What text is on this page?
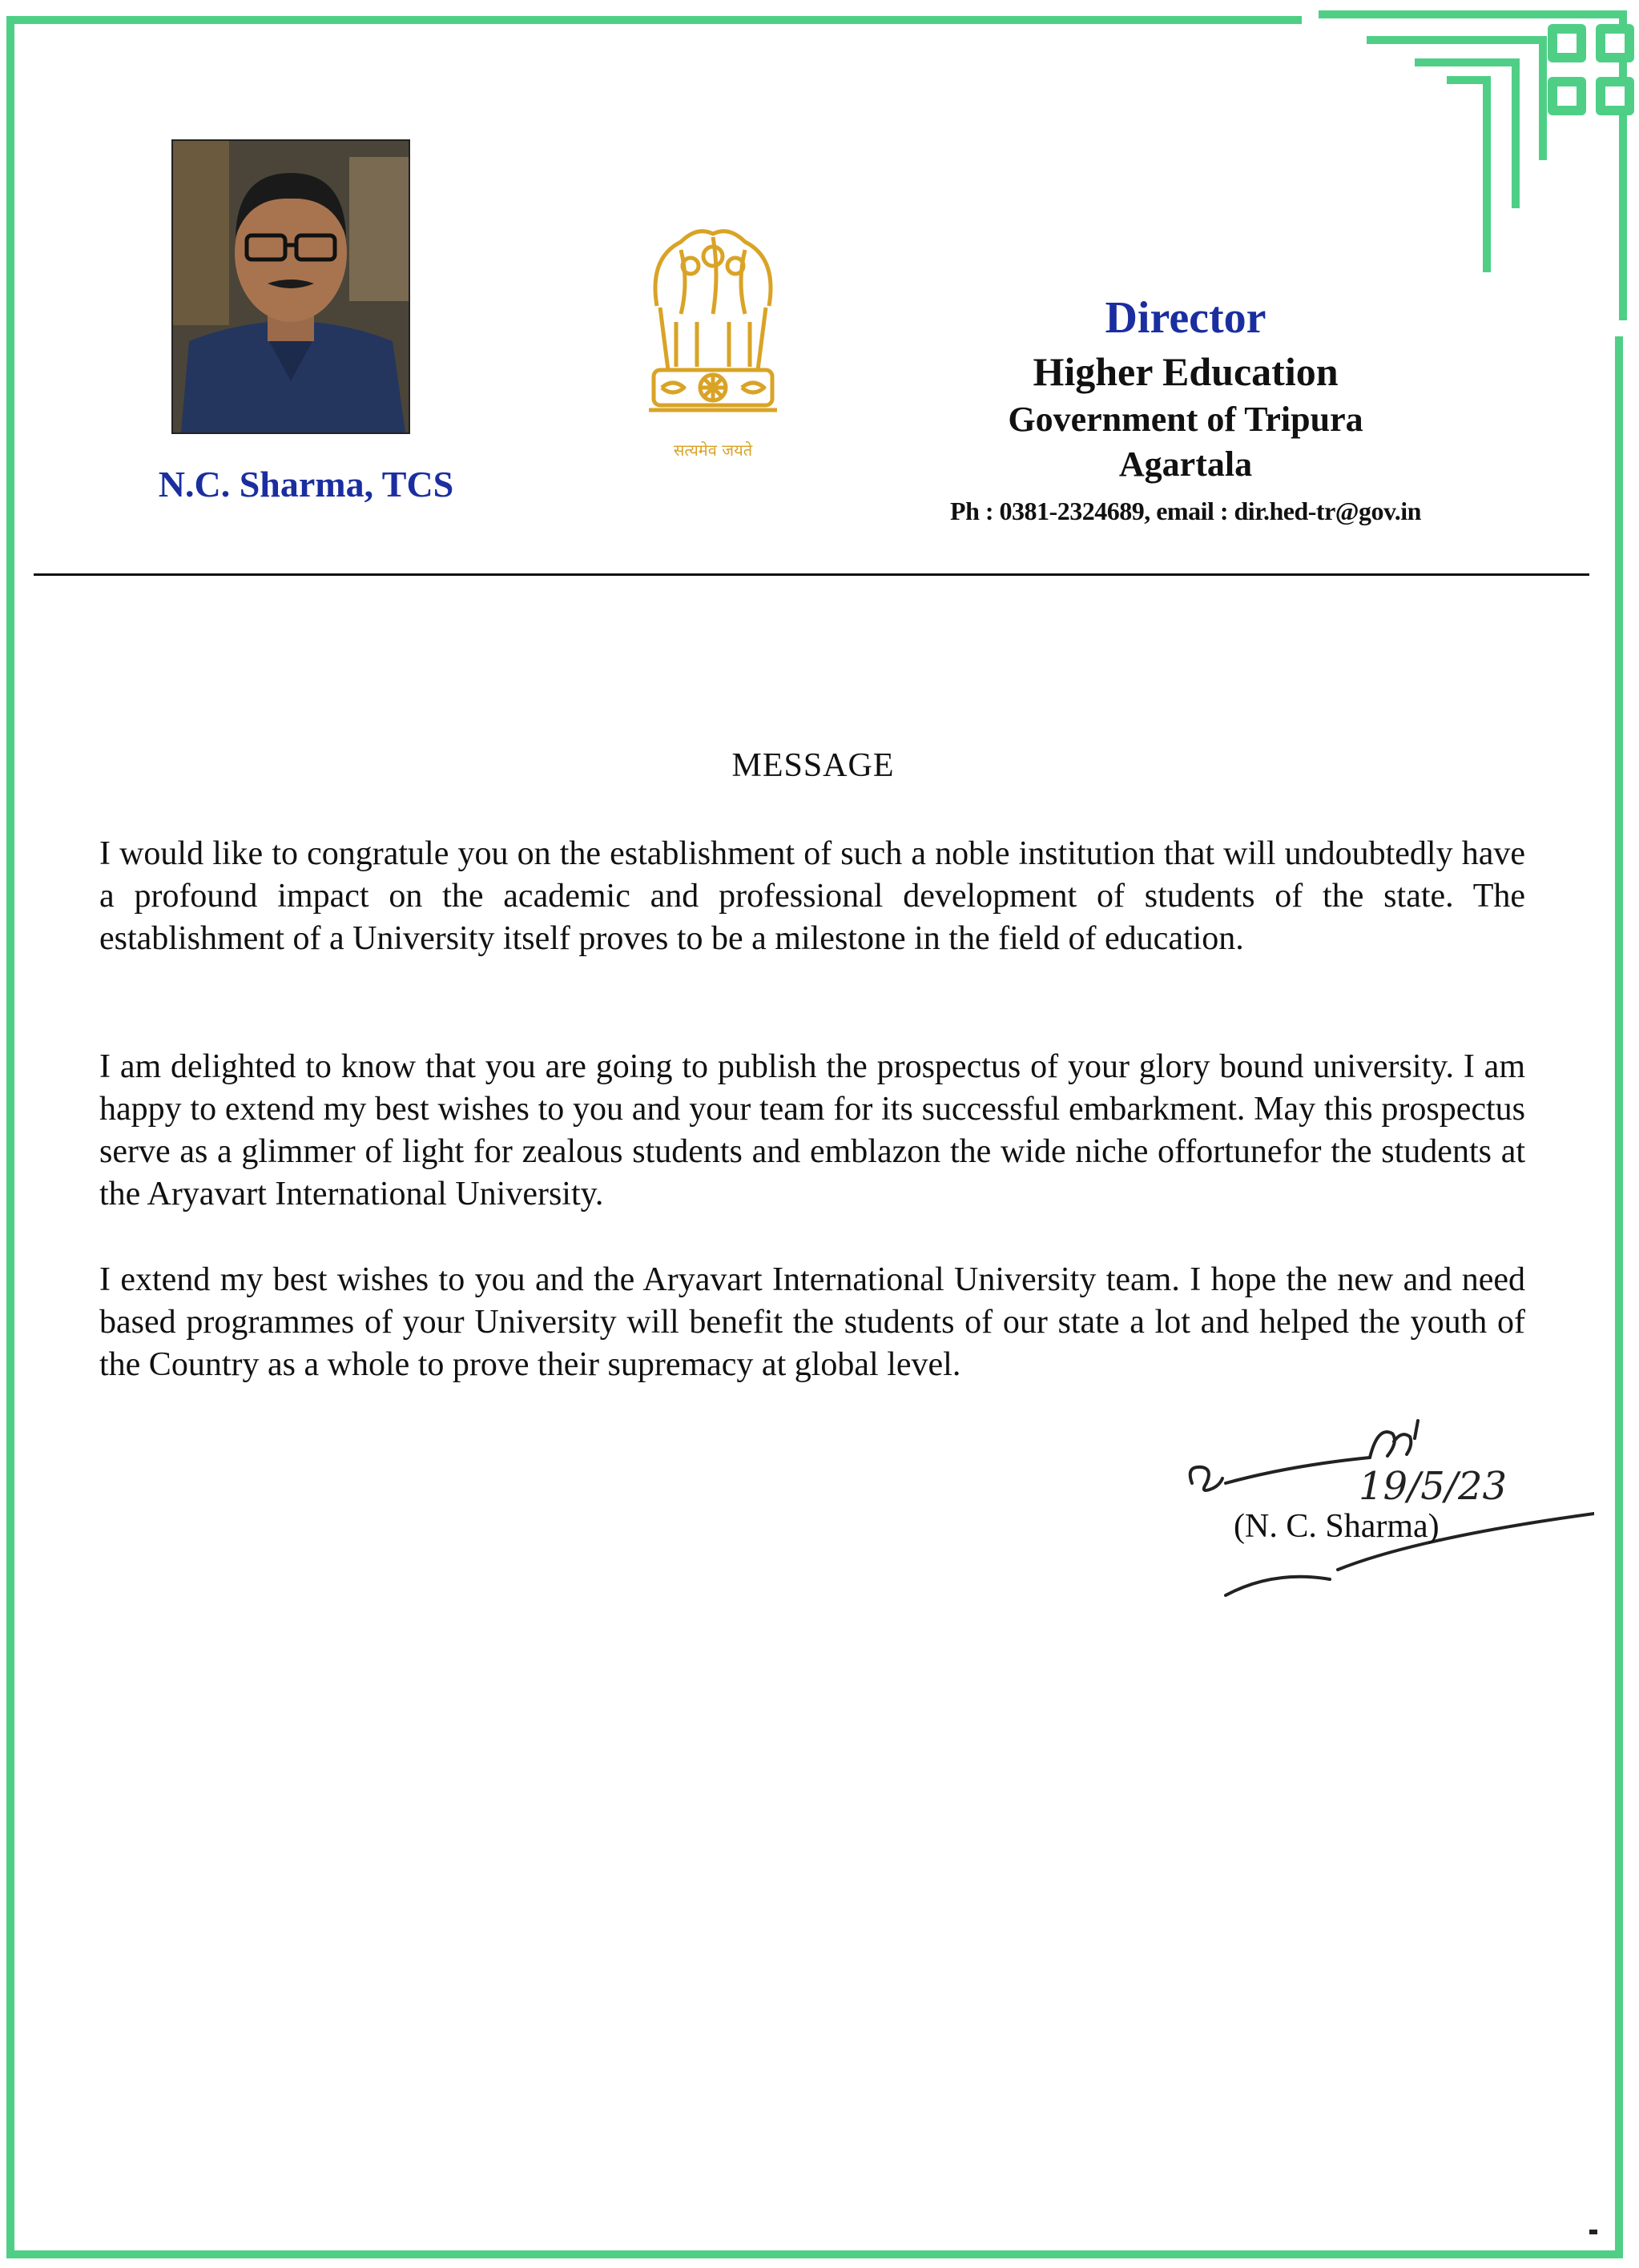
N.C. Sharma, TCS
सत्यमेव जयते
Director
Higher Education
Government of Tripura
Agartala
Ph : 0381-2324689, email : dir.hed-tr@gov.in
MESSAGE
I would like to congratule you on the establishment of such a noble institution that will undoubtedly have a profound impact on the academic and professional development of students of the state. The establishment of a University itself proves to be a milestone in the field of education.
I am delighted to know that you are going to publish the prospectus of your glory bound university. I am happy to extend my best wishes to you and your team for its successful embarkment. May this prospectus serve as a glimmer of light for zealous students and emblazon the wide niche offortunefor the students at the Aryavart International University.
I extend my best wishes to you and the Aryavart International University team. I hope the new and need based programmes of your University will benefit the students of our state a lot and helped the youth of the Country as a whole to prove their supremacy at global level.
19/5/23
(N. C. Sharma)
